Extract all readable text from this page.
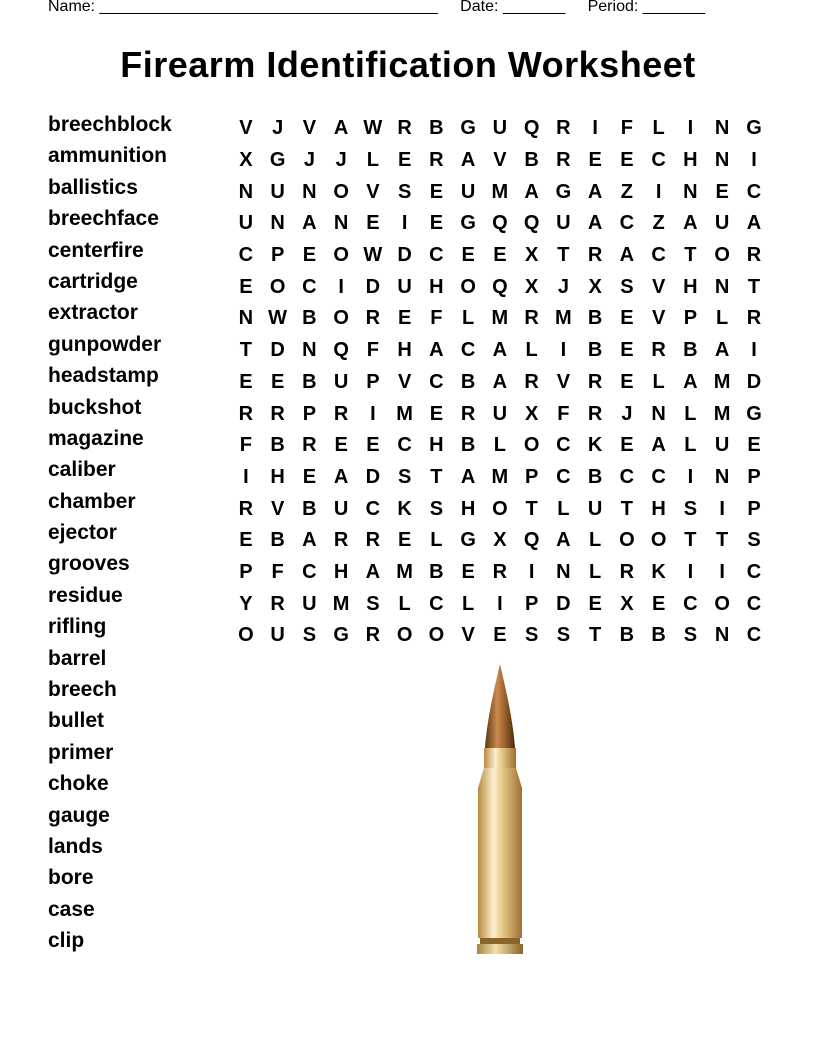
Name: ______________________________________ Date: _______ Period: _______
Firearm Identification Worksheet
breechblock
ammunition
ballistics
breechface
centerfire
cartridge
extractor
gunpowder
headstamp
buckshot
magazine
caliber
chamber
ejector
grooves
residue
rifling
barrel
breech
bullet
primer
choke
gauge
lands
bore
case
clip
V	J	V	A	W	R	B	G	U	Q	R	I	F	L	I	N	G
X	G	J	J	L	E	R	A	V	B	R	E	E	C	H	N	I
N	U	N	O	V	S	E	U	M	A	G	A	Z	I	N	E	C
U	N	A	N	E	I	E	G	Q	Q	U	A	C	Z	A	U	A
C	P	E	O	W	D	C	E	E	X	T	R	A	C	T	O	R
E	O	C	I	D	U	H	O	Q	X	J	X	S	V	H	N	T
N	W	B	O	R	E	F	L	M	R	M	B	E	V	P	L	R
T	D	N	Q	F	H	A	C	A	L	I	B	E	R	B	A	I
E	E	B	U	P	V	C	B	A	R	V	R	E	L	A	M	D
R	R	P	R	I	M	E	R	U	X	F	R	J	N	L	M	G
F	B	R	E	E	C	H	B	L	O	C	K	E	A	L	U	E
I	H	E	A	D	S	T	A	M	P	C	B	C	C	I	N	P
R	V	B	U	C	K	S	H	O	T	L	U	T	H	S	I	P
E	B	A	R	R	E	L	G	X	Q	A	L	O	O	T	T	S
P	F	C	H	A	M	B	E	R	I	N	L	R	K	I	I	C
Y	R	U	M	S	L	C	L	I	P	D	E	X	E	C	O	C
O	U	S	G	R	O	O	V	E	S	S	T	B	B	S	N	C
